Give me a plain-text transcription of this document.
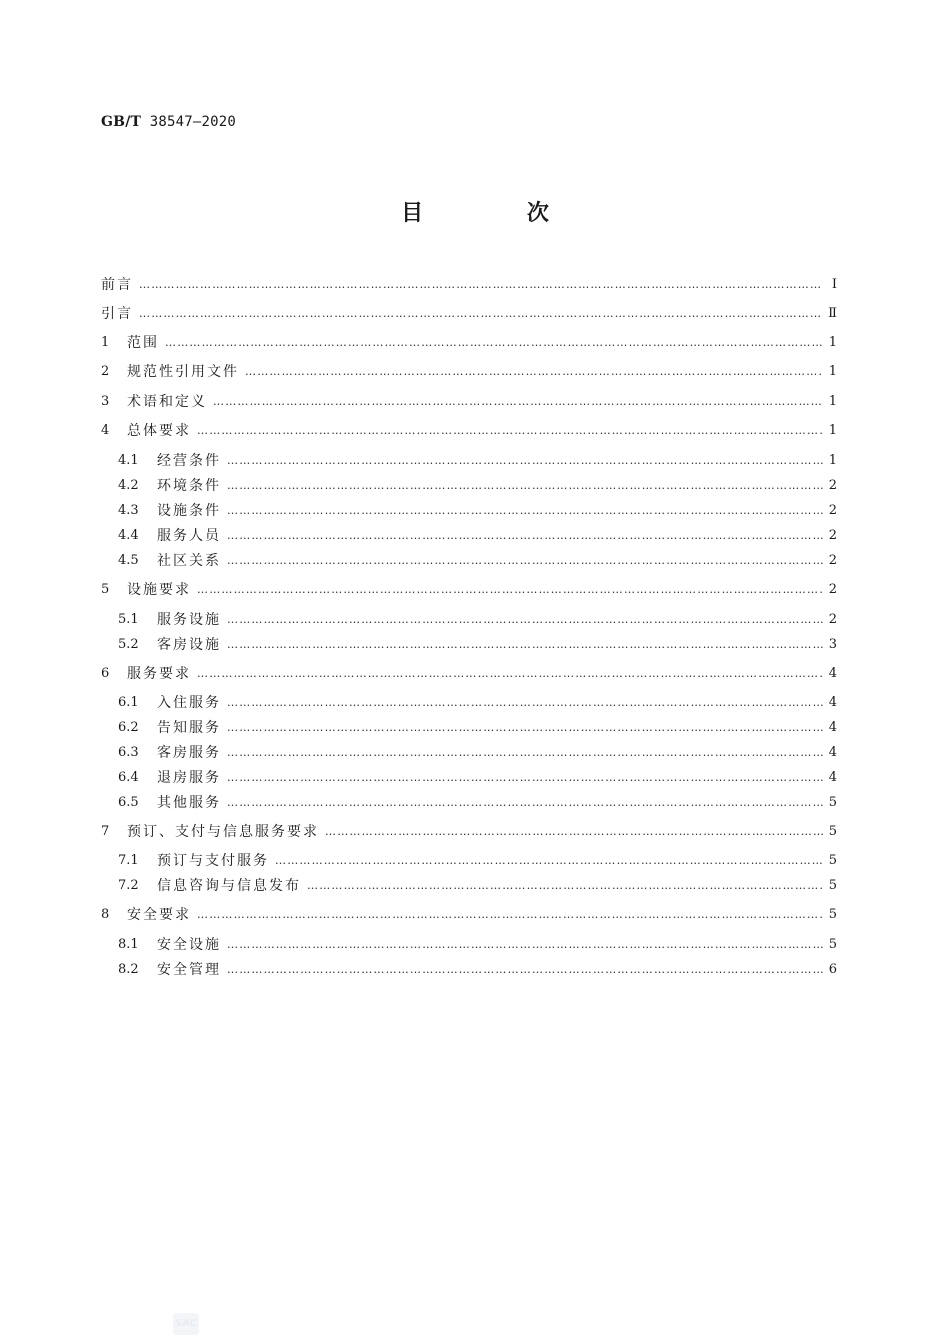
GB/T 38547—2020
目 次
前言 ………………………………………………………………………………………………………………………………………………………………………………………………………………	Ⅰ
引言 ………………………………………………………………………………………………………………………………………………………………………………………………………………	Ⅱ
1	范围 ………………………………………………………………………………………………………………………………………………………………………………………………………………	1
2	规范性引用文件 ………………………………………………………………………………………………………………………………………………………………………………………………………………	1
3	术语和定义 ………………………………………………………………………………………………………………………………………………………………………………………………………………	1
4	总体要求 ………………………………………………………………………………………………………………………………………………………………………………………………………………	1
4.1	经营条件 ………………………………………………………………………………………………………………………………………………………………………………………………………………	1
4.2	环境条件 ………………………………………………………………………………………………………………………………………………………………………………………………………………	2
4.3	设施条件 ………………………………………………………………………………………………………………………………………………………………………………………………………………	2
4.4	服务人员 ………………………………………………………………………………………………………………………………………………………………………………………………………………	2
4.5	社区关系 ………………………………………………………………………………………………………………………………………………………………………………………………………………	2
5	设施要求 ………………………………………………………………………………………………………………………………………………………………………………………………………………	2
5.1	服务设施 ………………………………………………………………………………………………………………………………………………………………………………………………………………	2
5.2	客房设施 ………………………………………………………………………………………………………………………………………………………………………………………………………………	3
6	服务要求 ………………………………………………………………………………………………………………………………………………………………………………………………………………	4
6.1	入住服务 ………………………………………………………………………………………………………………………………………………………………………………………………………………	4
6.2	告知服务 ………………………………………………………………………………………………………………………………………………………………………………………………………………	4
6.3	客房服务 ………………………………………………………………………………………………………………………………………………………………………………………………………………	4
6.4	退房服务 ………………………………………………………………………………………………………………………………………………………………………………………………………………	4
6.5	其他服务 ………………………………………………………………………………………………………………………………………………………………………………………………………………	5
7	预订、支付与信息服务要求 ………………………………………………………………………………………………………………………………………………………………………………………………………………	5
7.1	预订与支付服务 ………………………………………………………………………………………………………………………………………………………………………………………………………………	5
7.2	信息咨询与信息发布 ………………………………………………………………………………………………………………………………………………………………………………………………………………	5
8	安全要求 ………………………………………………………………………………………………………………………………………………………………………………………………………………	5
8.1	安全设施 ………………………………………………………………………………………………………………………………………………………………………………………………………………	5
8.2	安全管理 ………………………………………………………………………………………………………………………………………………………………………………………………………………	6
SAC
